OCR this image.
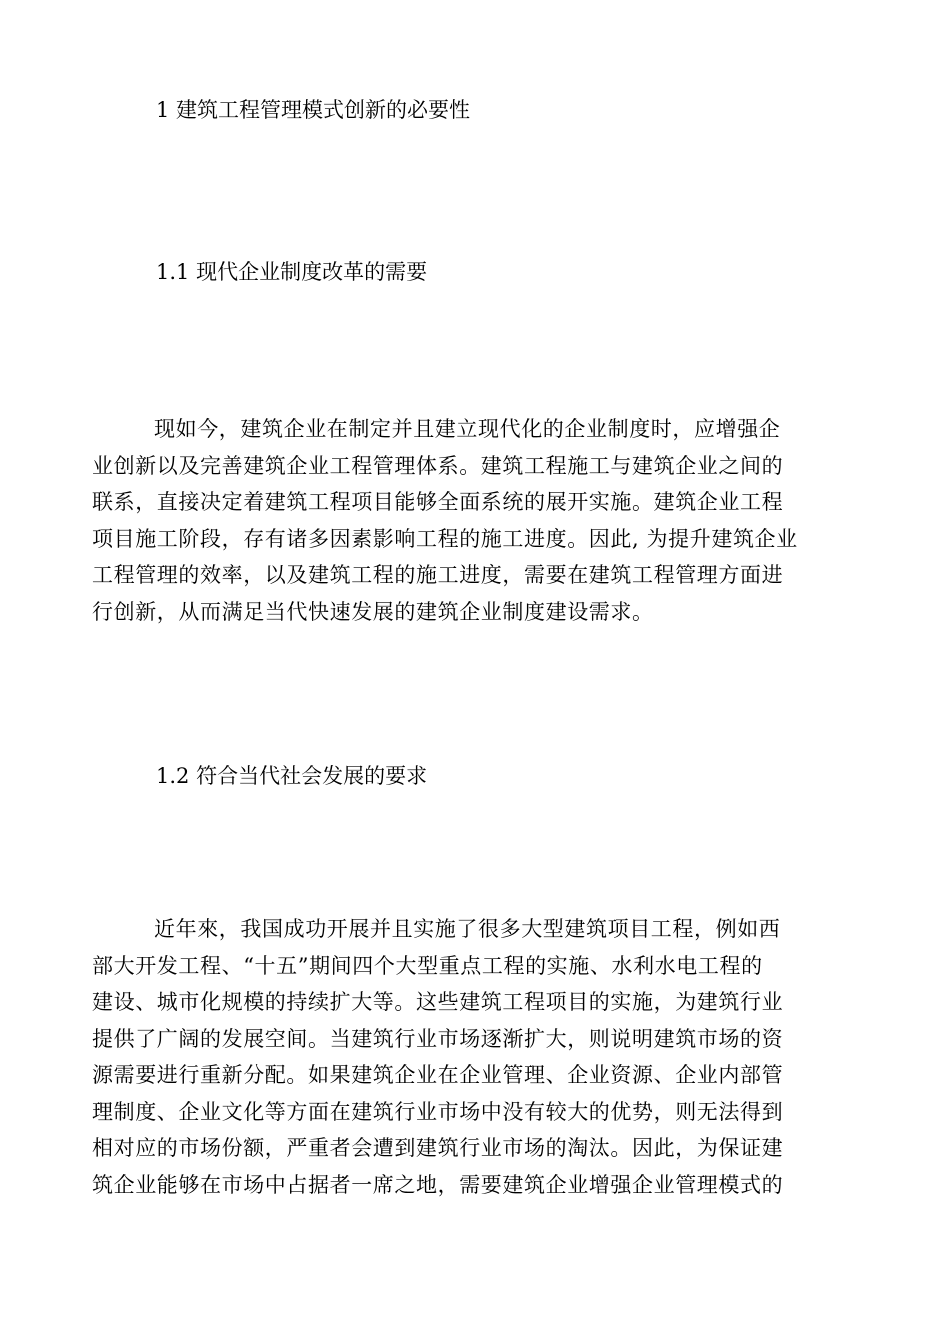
1 建筑工程管理模式创新的必要性
1.1 现代企业制度改革的需要
现如今，建筑企业在制定并且建立现代化的企业制度时，应增强企
业创新以及完善建筑企业工程管理体系。建筑工程施工与建筑企业之间的
联系，直接决定着建筑工程项目能够全面系统的展开实施。建筑企业工程
项目施工阶段，存有诸多因素影响工程的施工进度。因此, 为提升建筑企业
工程管理的效率，以及建筑工程的施工进度，需要在建筑工程管理方面进
行创新，从而满足当代快速发展的建筑企业制度建设需求。
1.2 符合当代社会发展的要求
近年來，我国成功开展并且实施了很多大型建筑项目工程，例如西
部大开发工程、“十五”期间四个大型重点工程的实施、水利水电工程的
建设、城市化规模的持续扩大等。这些建筑工程项目的实施，为建筑行业
提供了广阔的发展空间。当建筑行业市场逐渐扩大，则说明建筑市场的资
源需要进行重新分配。如果建筑企业在企业管理、企业资源、企业内部管
理制度、企业文化等方面在建筑行业市场中没有较大的优势，则无法得到
相对应的市场份额，严重者会遭到建筑行业市场的淘汰。因此，为保证建
筑企业能够在市场中占据者一席之地，需要建筑企业增强企业管理模式的
